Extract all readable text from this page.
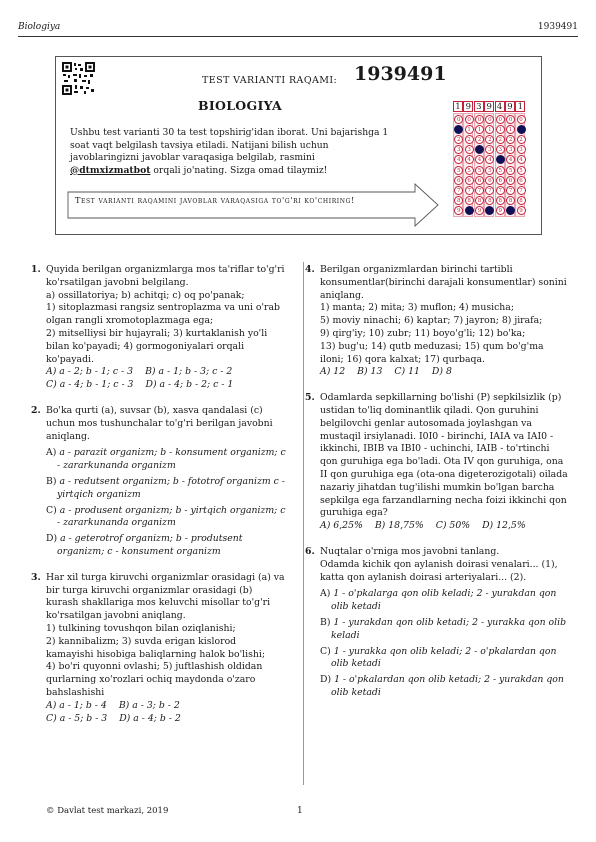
Biologiya	1939491
TEST VARIANTI RAQAMI: 1939491
BIOLOGIYA

Ushbu test varianti 30 ta test topshirig'idan iborat. Uni bajarishga 1 soat vaqt belgilash tavsiya etiladi. Natijani bilish uchun javoblaringizni javoblar varaqasiga belgilab, rasmini @dtmxizmatbot orqali jo'nating. Sizga omad tilaymiz!

Test varianti raqamini javoblar varaqasiga to'g'ri ko'chiring!
1 9 3 9 4 9 1
0
1
2
3
4
5
6
7
8
9
0
1
2
3
4
5
6
7
8
9
0
1
2
3
4
5
6
7
8
9
0
1
2
3
4
5
6
7
8
9
0
1
2
3
4
5
6
7
8
9
0
1
2
3
4
5
6
7
8
9
0
1
2
3
4
5
6
7
8
9
1. Quyida berilgan organizmlarga mos ta'riflar to'g'ri ko'rsatilgan javobni belgilang.
a) ossillatoriya; b) achitqi; c) oq po'panak;
1) sitoplazmasi rangsiz sentroplazma va uni o'rab olgan rangli xromotoplazmaga ega;
2) mitselliysi bir hujayrali; 3) kurtaklanish yo'li bilan ko'payadi; 4) gormogoniyalari orqali ko'payadi.
A) a - 2; b - 1; c - 3 B) a - 1; b - 3; c - 2
C) a - 4; b - 1; c - 3 D) a - 4; b - 2; c - 1
2. Bo'ka qurti (a), suvsar (b), xasva qandalasi (c) uchun mos tushunchalar to'g'ri berilgan javobni aniqlang.
A) a - parazit organizm; b - konsument organizm; c - zararkunanda organizm
B) a - redutsent organizm; b - fototrof organizm c - yirtqich organizm
C) a - produsent organizm; b - yirtqich organizm; c - zararkunanda organizm
D) a - geterotrof organizm; b - produtsent organizm; c - konsument organizm
3. Har xil turga kiruvchi organizmlar orasidagi (a) va bir turga kiruvchi organizmlar orasidagi (b) kurash shakllariga mos keluvchi misollar to'g'ri ko'rsatilgan javobni aniqlang.
1) tulkining tovushqon bilan oziqlanishi;
2) kannibalizm; 3) suvda erigan kislorod kamayishi hisobiga baliqlarning halok bo'lishi;
4) bo'ri quyonni ovlashi; 5) juftlashish oldidan qurlarning xo'rozlari ochiq maydonda o'zaro bahslashishi
A) a - 1; b - 4 B) a - 3; b - 2
C) a - 5; b - 3 D) a - 4; b - 2
4. Berilgan organizmlardan birinchi tartibli konsumentlar(birinchi darajali konsumentlar) sonini aniqlang.
1) manta; 2) mita; 3) muflon; 4) musicha;
5) moviy ninachi; 6) kaptar; 7) jayron; 8) jirafa;
9) qirg'iy; 10) zubr; 11) boyo'g'li; 12) bo'ka;
13) bug'u; 14) qutb meduzasi; 15) qum bo'g'ma iloni; 16) qora kalxat; 17) qurbaqa.
A) 12 B) 13 C) 11 D) 8
5. Odamlarda sepkillarning bo'lishi (P) sepkilsizlik (p) ustidan to'liq dominantlik qiladi. Qon guruhini belgilovchi genlar autosomada joylashgan va mustaqil irsiylanadi. I0I0 - birinchi, IAIA va IAI0 - ikkinchi, IBIB va IBI0 - uchinchi, IAIB - to'rtinchi qon guruhiga ega bo'ladi. Ota IV qon guruhiga, ona II qon guruhiga ega (ota-ona digeterozigotali) oilada nazariy jihatdan tug'ilishi mumkin bo'lgan barcha sepkilga ega farzandlarning necha foizi ikkinchi qon guruhiga ega?
A) 6,25% B) 18,75% C) 50% D) 12,5%
6. Nuqtalar o'rniga mos javobni tanlang.
Odamda kichik qon aylanish doirasi venalari... (1), katta qon aylanish doirasi arteriyalari... (2).
A) 1 - o'pkalarga qon olib keladi; 2 - yurakdan qon olib ketadi
B) 1 - yurakdan qon olib ketadi; 2 - yurakka qon olib keladi
C) 1 - yurakka qon olib keladi; 2 - o'pkalardan qon olib ketadi
D) 1 - o'pkalardan qon olib ketadi; 2 - yurakdan qon olib ketadi
© Davlat test markazi, 2019	1
